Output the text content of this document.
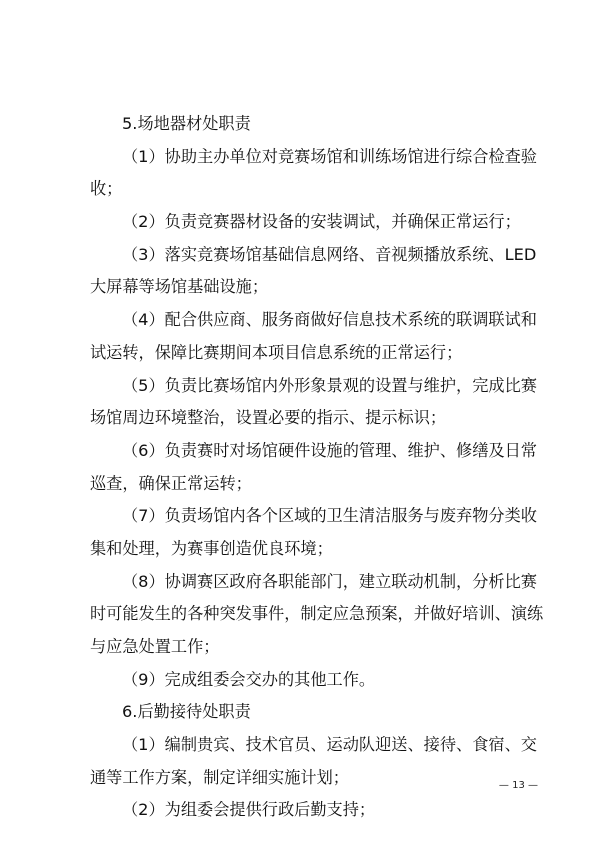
5.场地器材处职责
（1）协助主办单位对竞赛场馆和训练场馆进行综合检查验
收；
（2）负责竞赛器材设备的安装调试，并确保正常运行；
（3）落实竞赛场馆基础信息网络、音视频播放系统、LED
大屏幕等场馆基础设施；
（4）配合供应商、服务商做好信息技术系统的联调联试和
试运转，保障比赛期间本项目信息系统的正常运行；
（5）负责比赛场馆内外形象景观的设置与维护，完成比赛
场馆周边环境整治，设置必要的指示、提示标识；
（6）负责赛时对场馆硬件设施的管理、维护、修缮及日常
巡查，确保正常运转；
（7）负责场馆内各个区域的卫生清洁服务与废弃物分类收
集和处理，为赛事创造优良环境；
（8）协调赛区政府各职能部门，建立联动机制，分析比赛
时可能发生的各种突发事件，制定应急预案，并做好培训、演练
与应急处置工作；
（9）完成组委会交办的其他工作。
6.后勤接待处职责
（1）编制贵宾、技术官员、运动队迎送、接待、食宿、交
通等工作方案，制定详细实施计划；
（2）为组委会提供行政后勤支持；
— 13 —
